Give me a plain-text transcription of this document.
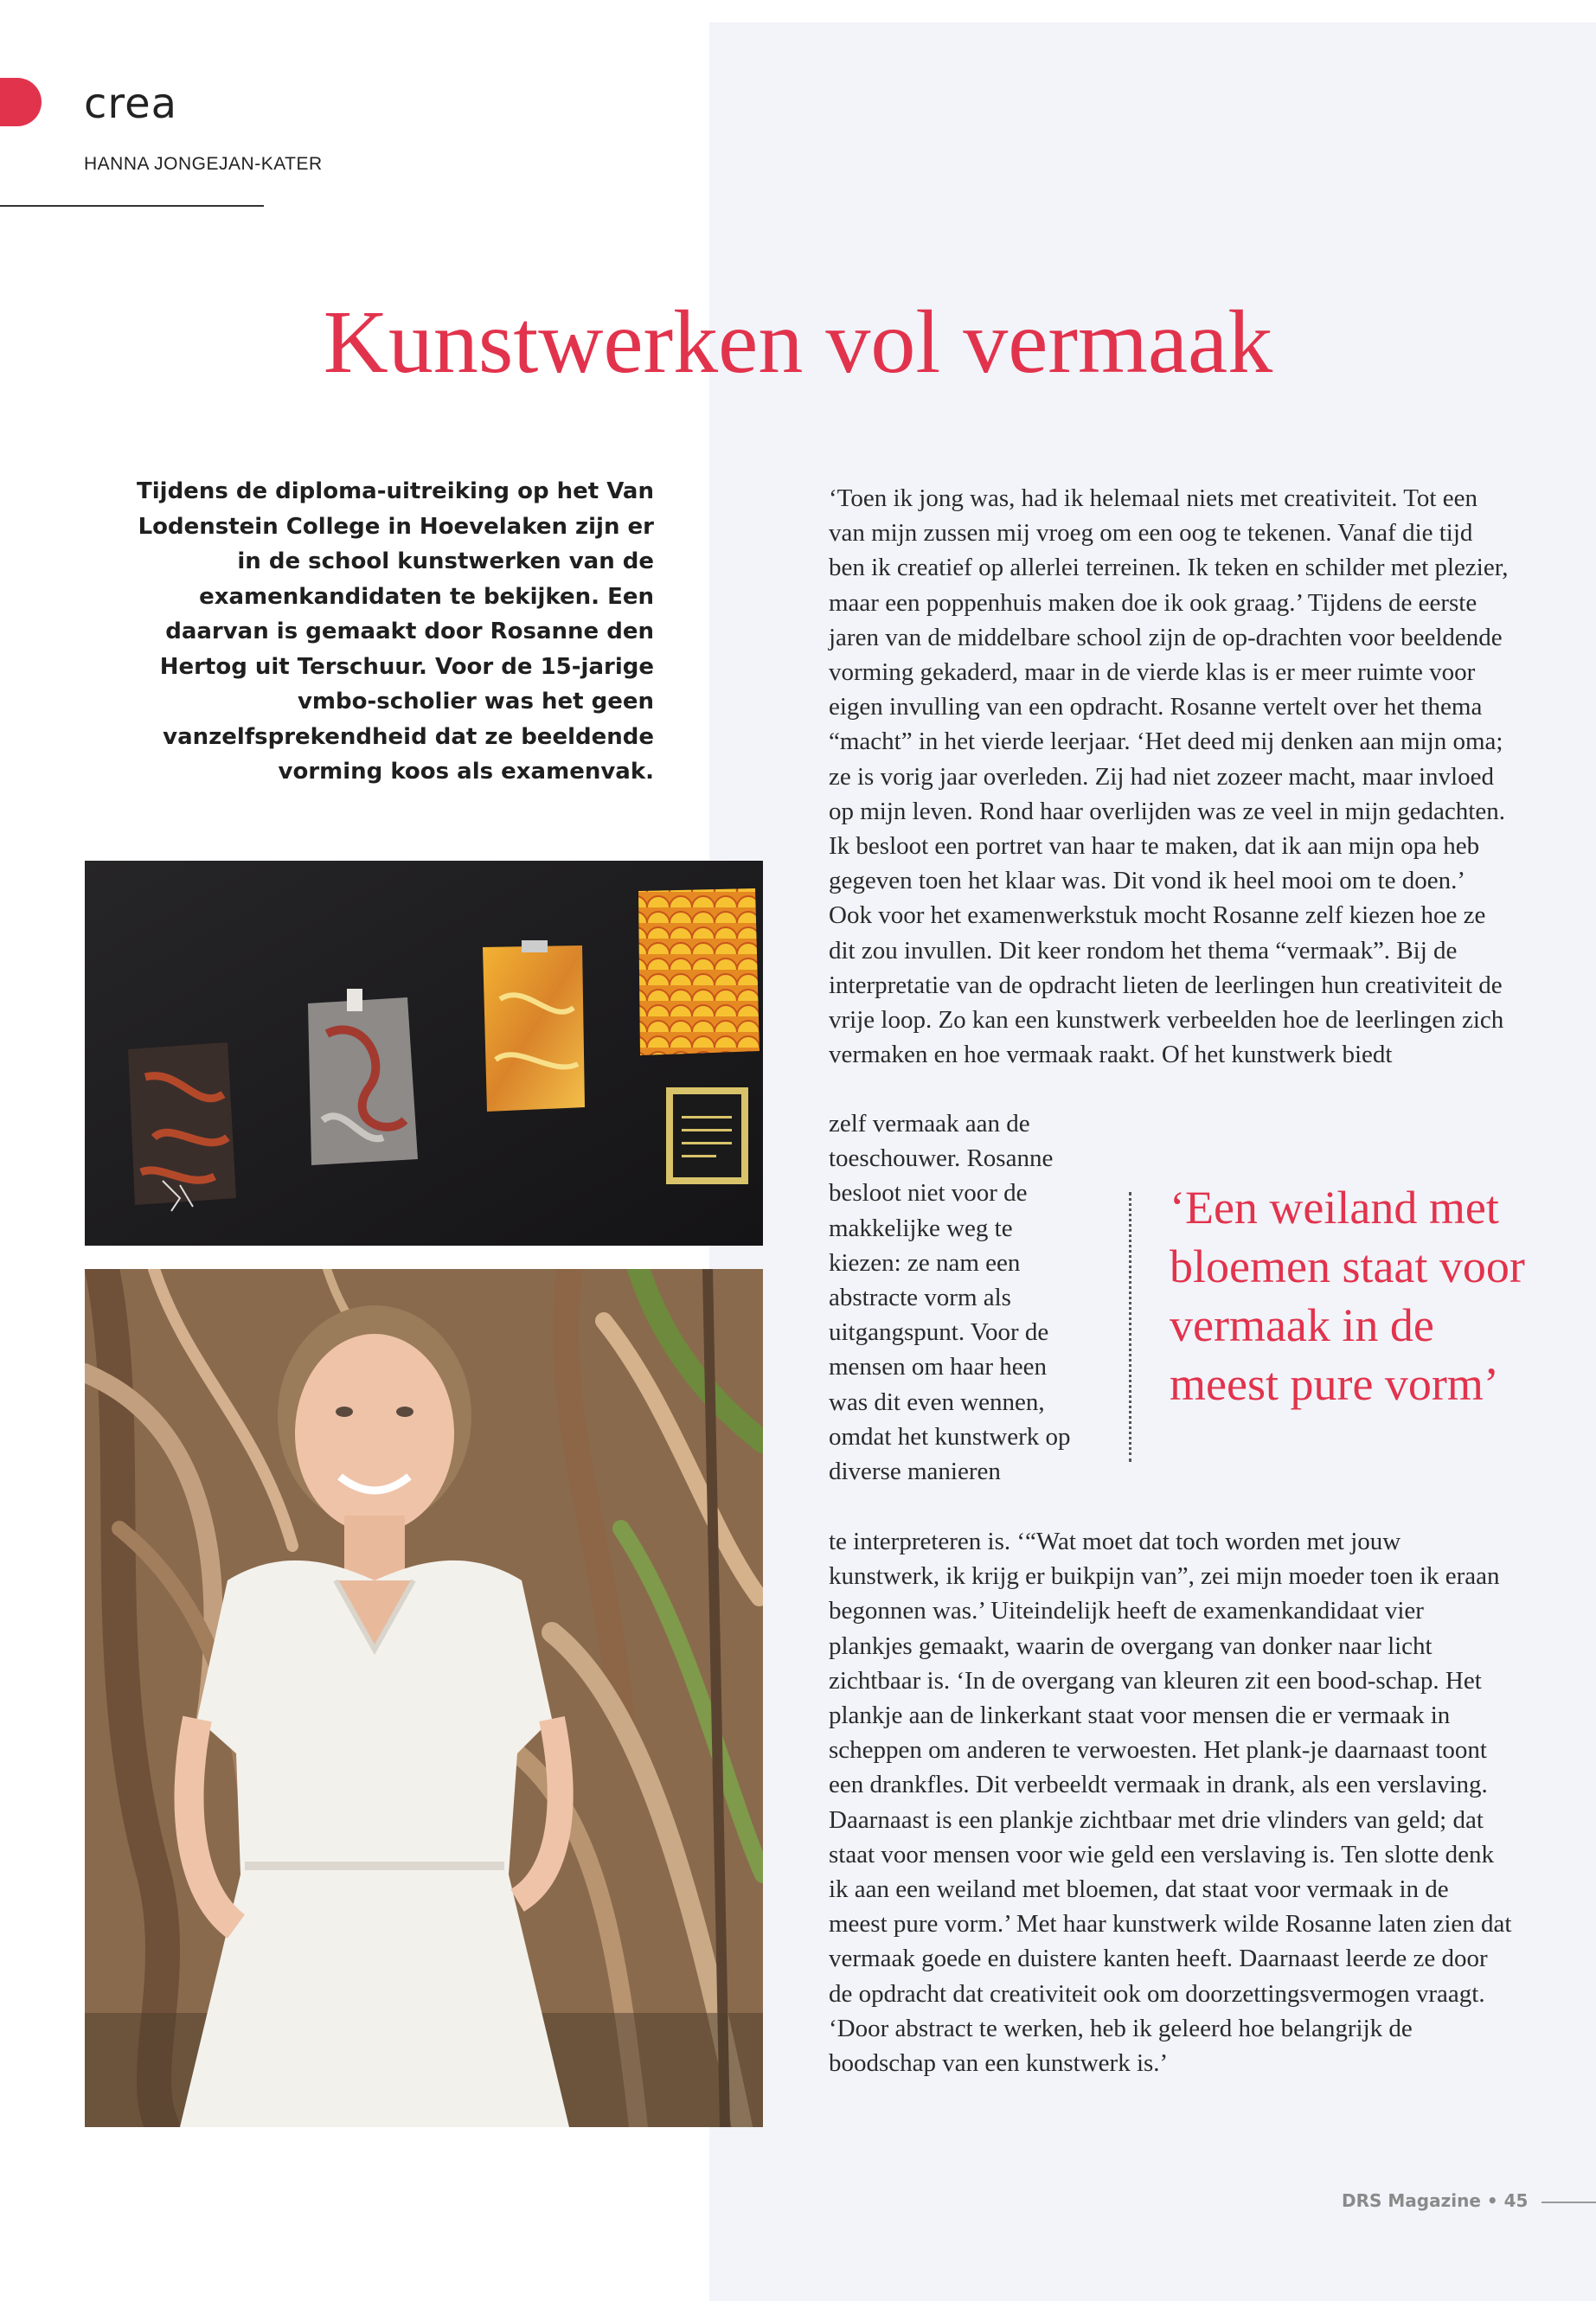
crea
HANNA JONGEJAN-KATER
Kunstwerken vol vermaak

Tijdens de diploma-uitreiking op het Van Lodenstein College in Hoevelaken zijn er in de school kunstwerken van de examenkandidaten te bekijken. Een daarvan is gemaakt door Rosanne den Hertog uit Terschuur. Voor de 15-jarige vmbo-scholier was het geen vanzelfsprekendheid dat ze beeldende vorming koos als examenvak.

‘Toen ik jong was, had ik helemaal niets met creativiteit. Tot een van mijn zussen mij vroeg om een oog te tekenen. Vanaf die tijd ben ik creatief op allerlei terreinen. Ik teken en schilder met plezier, maar een poppenhuis maken doe ik ook graag.’ Tijdens de eerste jaren van de middelbare school zijn de op-drachten voor beeldende vorming gekaderd, maar in de vierde klas is er meer ruimte voor eigen invulling van een opdracht. Rosanne vertelt over het thema “macht” in het vierde leerjaar. ‘Het deed mij denken aan mijn oma; ze is vorig jaar overleden. Zij had niet zozeer macht, maar invloed op mijn leven. Rond haar overlijden was ze veel in mijn gedachten. Ik besloot een portret van haar te maken, dat ik aan mijn opa heb gegeven toen het klaar was. Dit vond ik heel mooi om te doen.’ Ook voor het examenwerkstuk mocht Rosanne zelf kiezen hoe ze dit zou invullen. Dit keer rondom het thema “vermaak”. Bij de interpretatie van de opdracht lieten de leerlingen hun creativiteit de vrije loop. Zo kan een kunstwerk verbeelden hoe de leerlingen zich vermaken en hoe vermaak raakt. Of het kunstwerk biedt

zelf vermaak aan de toeschouwer. Rosanne besloot niet voor de makkelijke weg te kiezen: ze nam een abstracte vorm als uitgangspunt. Voor de mensen om haar heen was dit even wennen, omdat het kunstwerk op diverse manieren

te interpreteren is. ‘“Wat moet dat toch worden met jouw kunstwerk, ik krijg er buikpijn van”, zei mijn moeder toen ik eraan begonnen was.’ Uiteindelijk heeft de examenkandidaat vier plankjes gemaakt, waarin de overgang van donker naar licht zichtbaar is. ‘In de overgang van kleuren zit een bood-schap. Het plankje aan de linkerkant staat voor mensen die er vermaak in scheppen om anderen te verwoesten. Het plank-je daarnaast toont een drankfles. Dit verbeeldt vermaak in drank, als een verslaving. Daarnaast is een plankje zichtbaar met drie vlinders van geld; dat staat voor mensen voor wie geld een verslaving is. Ten slotte denk ik aan een weiland met bloemen, dat staat voor vermaak in de meest pure vorm.’ Met haar kunstwerk wilde Rosanne laten zien dat vermaak goede en duistere kanten heeft. Daarnaast leerde ze door de opdracht dat creativiteit ook om doorzettingsvermogen vraagt. ‘Door abstract te werken, heb ik geleerd hoe belangrijk de boodschap van een kunstwerk is.’

‘Een weiland met bloemen staat voor vermaak in de meest pure vorm’

DRS Magazine • 45
